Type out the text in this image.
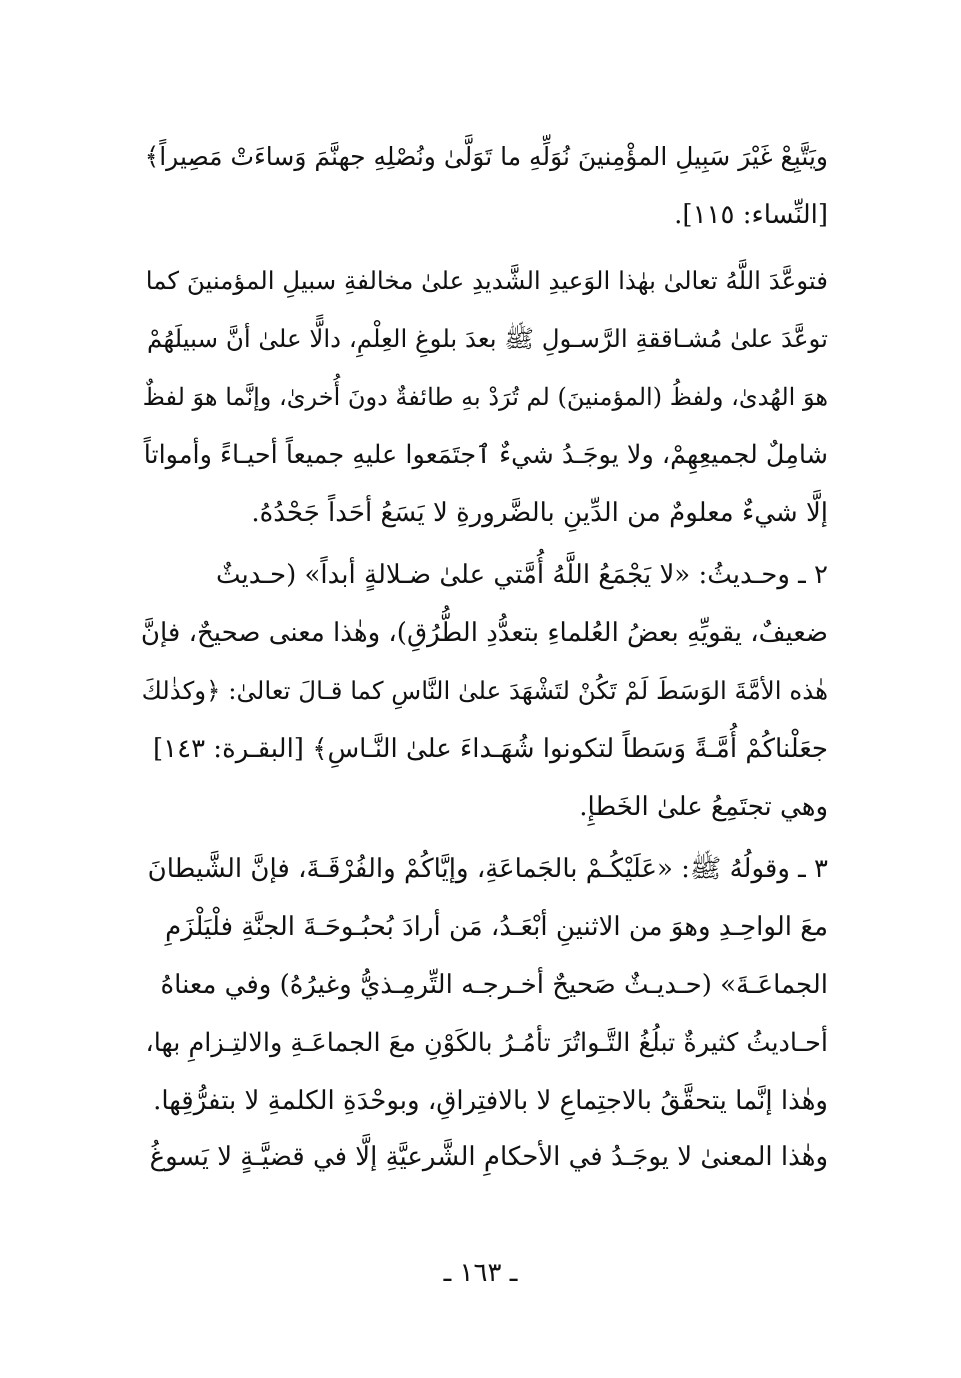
ويَتَّبِعْ غَيْرَ سَبِيلِ المؤْمِنينَ نُوَلِّهِ ما تَوَلَّىٰ ونُصْلِهِ جهنَّمَ وَساءَتْ مَصِيراً﴾
[النِّساء: ١١٥].
فتوعَّدَ اللَّهُ تعالىٰ بهٰذا الوَعيدِ الشَّديدِ علىٰ مخالفةِ سبيلِ المؤمنينَ كما
توعَّدَ علىٰ مُشـاققةِ الرَّسـولِ ﷺ بعدَ بلوغِ العِلْمِ، دالًّا علىٰ أنَّ سبيلَهُمْ
هوَ الهُدىٰ، ولفظُ (المؤمنينَ) لم تُرَدْ بهِ طائفةٌ دونَ أُخرىٰ، وإنَّما هوَ لفظٌ
شامِلٌ لجميعِهِمْ، ولا يوجَـدُ شيءٌ ٱجتَمَعوا عليهِ جميعاً أحيـاءً وأمواتاً
إلَّا شيءٌ معلومٌ من الدِّينِ بالضَّرورةِ لا يَسَعُ أحَداً جَحْدُهُ.
٢ ـ وحـديثُ: «لا يَجْمَعُ اللَّهُ أُمَّتي علىٰ ضـلالةٍ أبداً» (حـديثٌ
ضعيفٌ، يقويِّهِ بعضُ العُلماءِ بتعدُّدِ الطُّرُقِ)، وهٰذا معنى صحيحٌ، فإنَّ
هٰذه الأمَّةَ الوَسَطَ لَمْ تَكُنْ لتَشْهَدَ علىٰ النَّاسِ كما قـالَ تعالىٰ: ﴿وكذٰلكَ
جعَلْناكُمْ أُمَّـةً وَسَطاً لتكونوا شُهَـداءَ علىٰ النَّـاسِ﴾ [البقـرة: ١٤٣]
وهي تجتَمِعُ علىٰ الخَطإِ.
٣ ـ وقولُهُ ﷺ: «عَلَيْكُـمْ بالجَماعَةِ، وإيَّاكُمْ والفُرْقَـةَ، فإنَّ الشَّيطانَ
معَ الواحِـدِ وهوَ من الاثنينِ أبْعَـدُ، مَن أرادَ بُحبُـوحَـةَ الجنَّةِ فلْيَلْزَمِ
الجماعَـةَ» (حـديـثٌ صَحيحٌ أخـرجـه التِّرمِـذيُّ وغيرُهُ) وفي معناهُ
أحـاديثُ كثيرةٌ تبلُغُ التَّـواتُرَ تأمُـرُ بالكَوْنِ معَ الجماعَـةِ والالتِـزامِ بها،
وهٰذا إنَّما يتحقَّقُ بالاجتِماعِ لا بالافتِراقِ، وبوحْدَةِ الكلمةِ لا بتفرُّقِها.
وهٰذا المعنىٰ لا يوجَـدُ في الأحكامِ الشَّرعيَّةِ إلَّا في قضيَّـةٍ لا يَسوغُ
ـ ١٦٣ ـ
